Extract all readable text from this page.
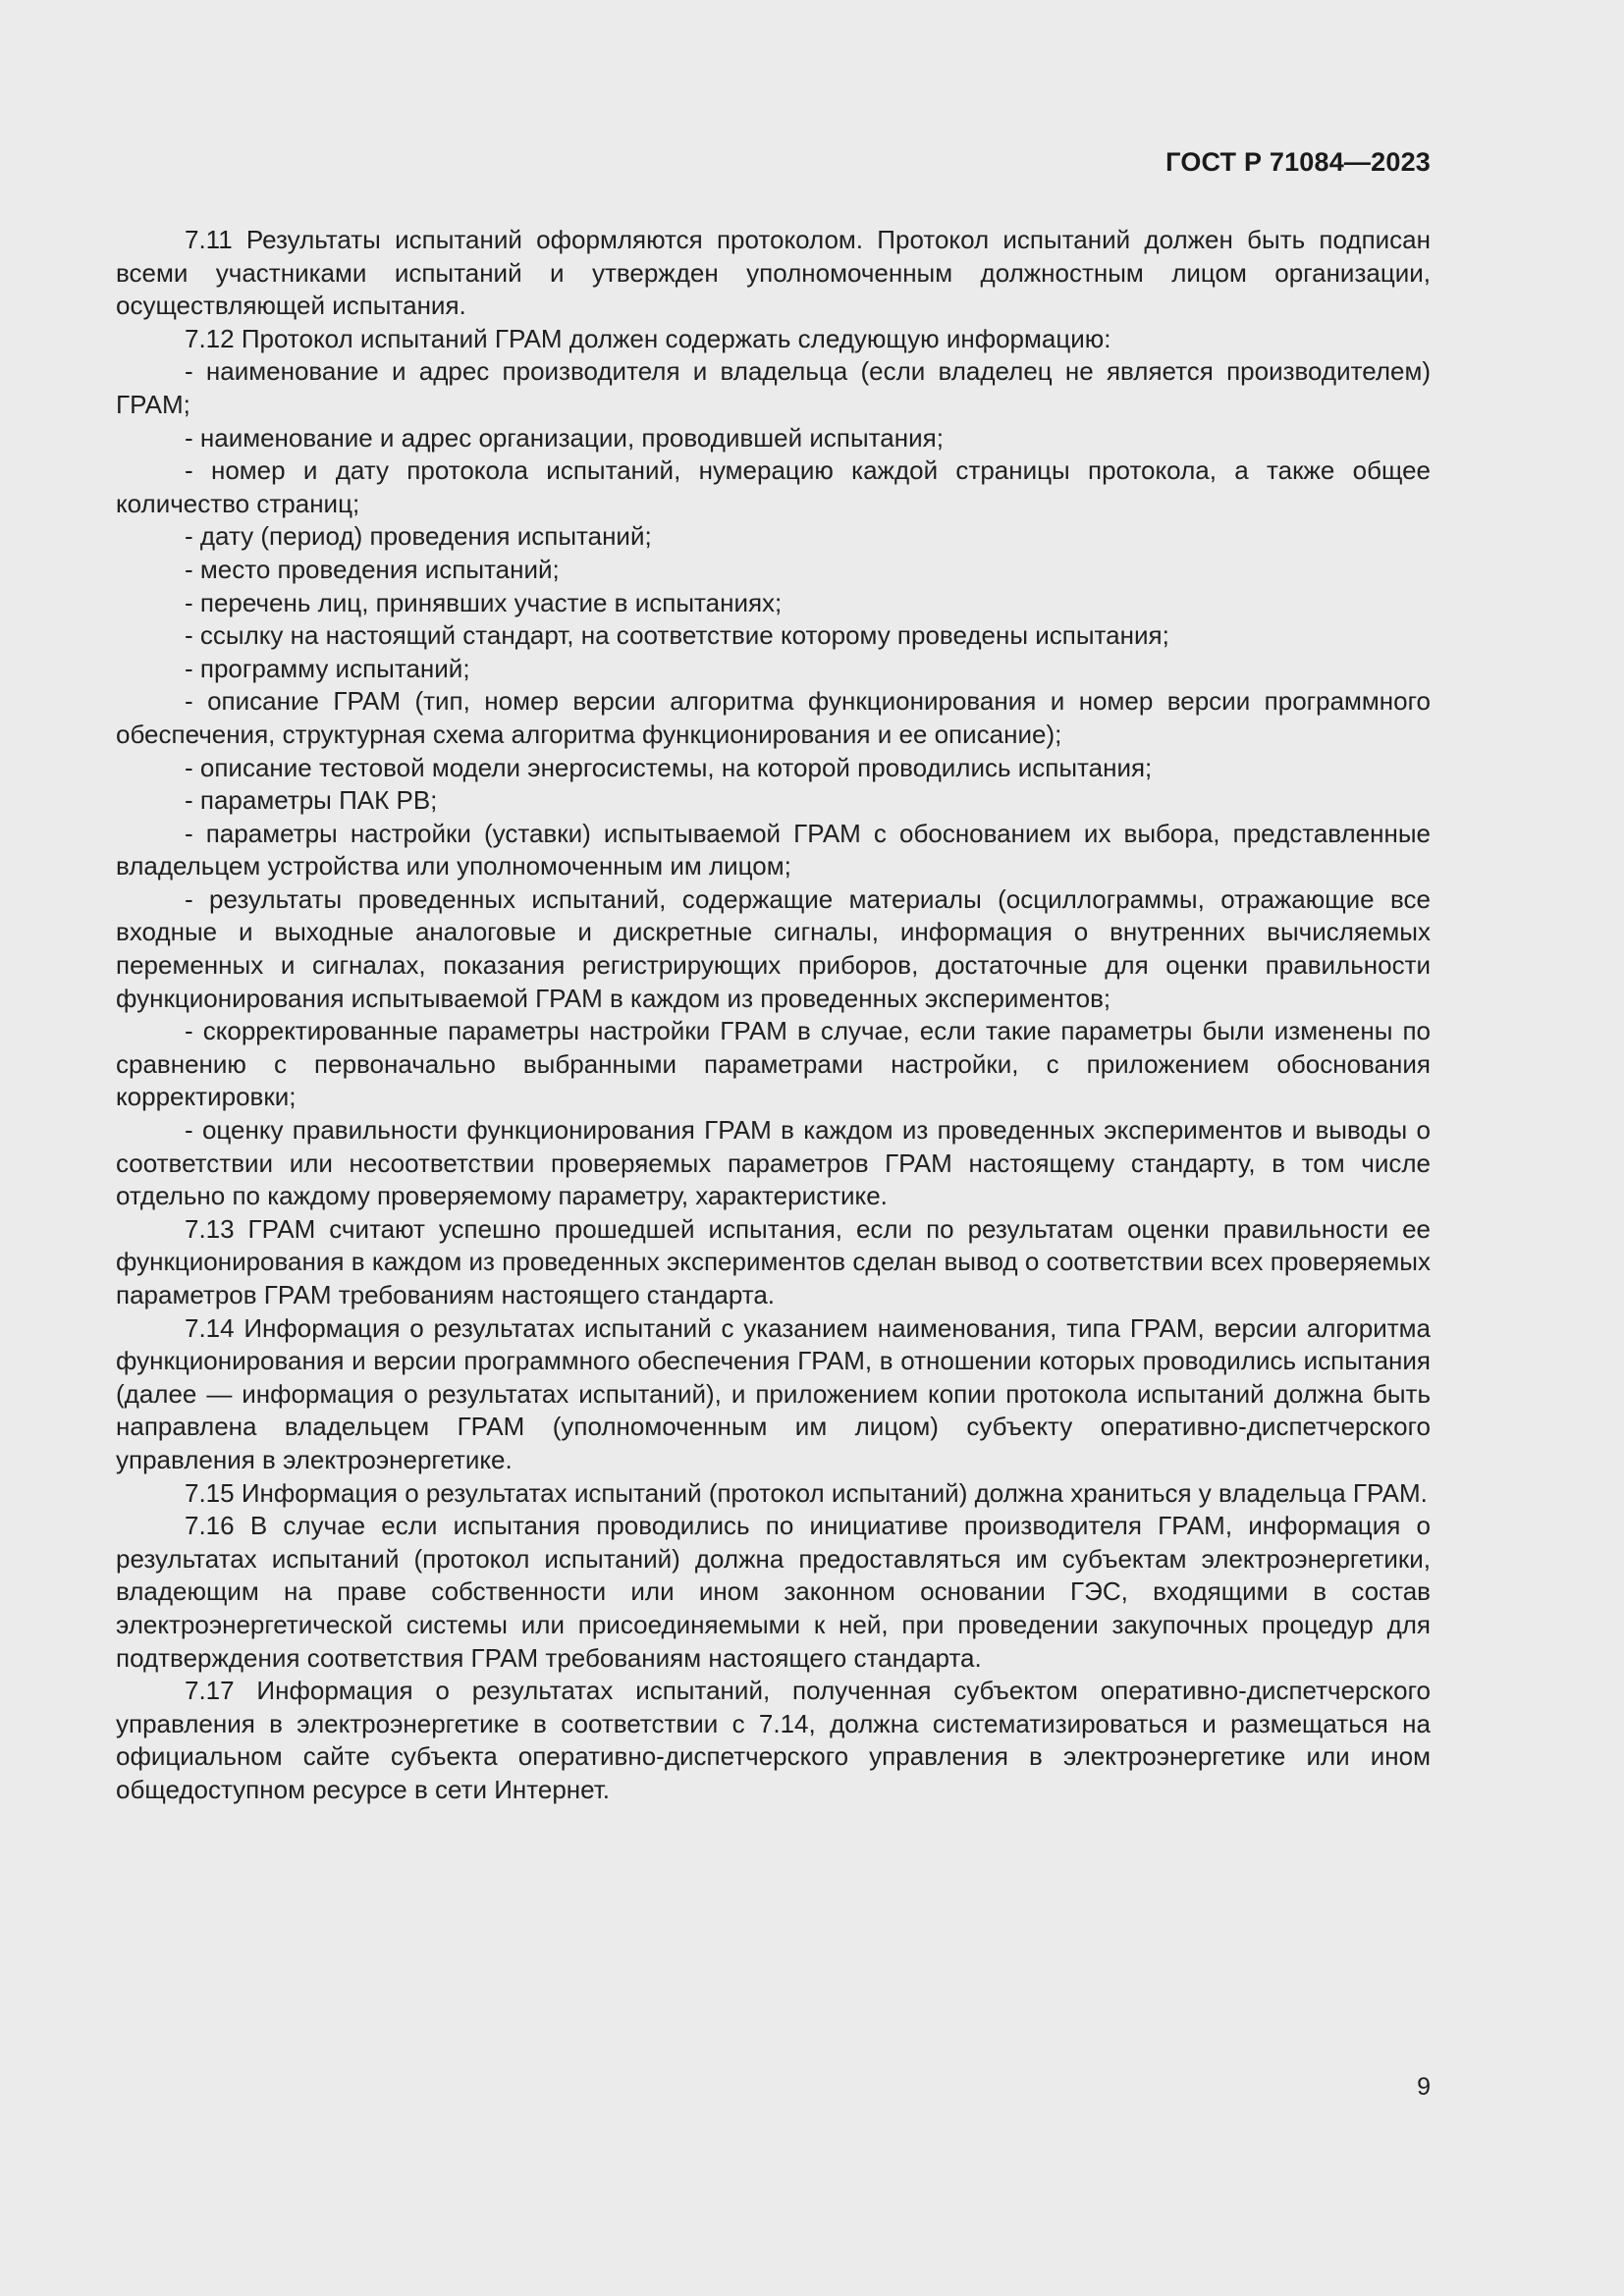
ГОСТ Р 71084—2023

7.11 Результаты испытаний оформляются протоколом. Протокол испытаний должен быть подписан всеми участниками испытаний и утвержден уполномоченным должностным лицом организации, осуществляющей испытания.

7.12 Протокол испытаний ГРАМ должен содержать следующую информацию:

- наименование и адрес производителя и владельца (если владелец не является производителем) ГРАМ;

- наименование и адрес организации, проводившей испытания;

- номер и дату протокола испытаний, нумерацию каждой страницы протокола, а также общее количество страниц;

- дату (период) проведения испытаний;

- место проведения испытаний;

- перечень лиц, принявших участие в испытаниях;

- ссылку на настоящий стандарт, на соответствие которому проведены испытания;

- программу испытаний;

- описание ГРАМ (тип, номер версии алгоритма функционирования и номер версии программного обеспечения, структурная схема алгоритма функционирования и ее описание);

- описание тестовой модели энергосистемы, на которой проводились испытания;

- параметры ПАК РВ;

- параметры настройки (уставки) испытываемой ГРАМ с обоснованием их выбора, представленные владельцем устройства или уполномоченным им лицом;

- результаты проведенных испытаний, содержащие материалы (осциллограммы, отражающие все входные и выходные аналоговые и дискретные сигналы, информация о внутренних вычисляемых переменных и сигналах, показания регистрирующих приборов, достаточные для оценки правильности функционирования испытываемой ГРАМ в каждом из проведенных экспериментов;

- скорректированные параметры настройки ГРАМ в случае, если такие параметры были изменены по сравнению с первоначально выбранными параметрами настройки, с приложением обоснования корректировки;

- оценку правильности функционирования ГРАМ в каждом из проведенных экспериментов и выводы о соответствии или несоответствии проверяемых параметров ГРАМ настоящему стандарту, в том числе отдельно по каждому проверяемому параметру, характеристике.

7.13 ГРАМ считают успешно прошедшей испытания, если по результатам оценки правильности ее функционирования в каждом из проведенных экспериментов сделан вывод о соответствии всех проверяемых параметров ГРАМ требованиям настоящего стандарта.

7.14 Информация о результатах испытаний с указанием наименования, типа ГРАМ, версии алгоритма функционирования и версии программного обеспечения ГРАМ, в отношении которых проводились испытания (далее — информация о результатах испытаний), и приложением копии протокола испытаний должна быть направлена владельцем ГРАМ (уполномоченным им лицом) субъекту оперативно-диспетчерского управления в электроэнергетике.

7.15 Информация о результатах испытаний (протокол испытаний) должна храниться у владельца ГРАМ.

7.16 В случае если испытания проводились по инициативе производителя ГРАМ, информация о результатах испытаний (протокол испытаний) должна предоставляться им субъектам электроэнергетики, владеющим на праве собственности или ином законном основании ГЭС, входящими в состав электроэнергетической системы или присоединяемыми к ней, при проведении закупочных процедур для подтверждения соответствия ГРАМ требованиям настоящего стандарта.

7.17 Информация о результатах испытаний, полученная субъектом оперативно-диспетчерского управления в электроэнергетике в соответствии с 7.14, должна систематизироваться и размещаться на официальном сайте субъекта оперативно-диспетчерского управления в электроэнергетике или ином общедоступном ресурсе в сети Интернет.

9
